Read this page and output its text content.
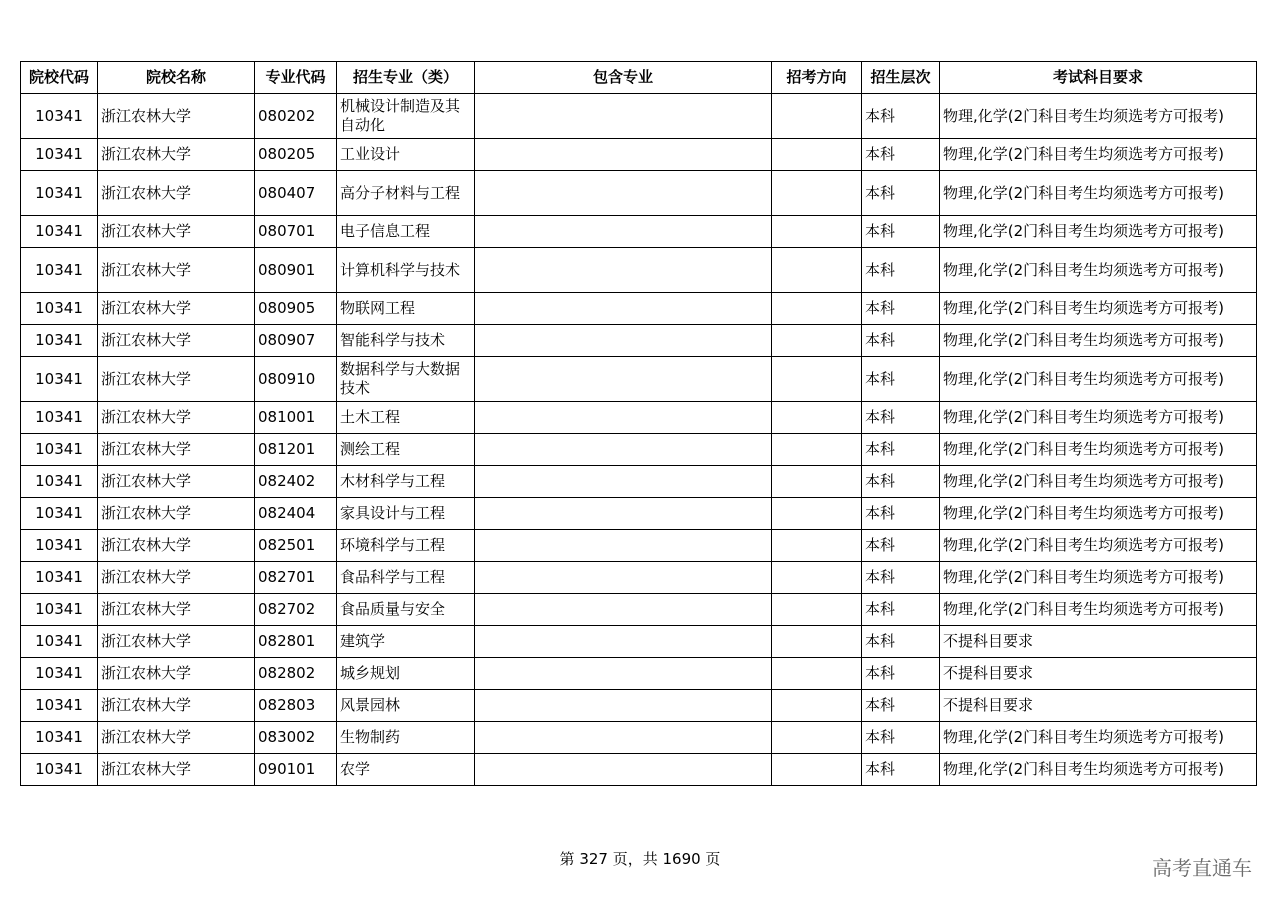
院校代码	院校名称	专业代码	招生专业（类）	包含专业	招考方向	招生层次	考试科目要求
10341	浙江农林大学	080202	机械设计制造及其自动化			本科	物理,化学(2门科目考生均须选考方可报考)
10341	浙江农林大学	080205	工业设计			本科	物理,化学(2门科目考生均须选考方可报考)
10341	浙江农林大学	080407	高分子材料与工程			本科	物理,化学(2门科目考生均须选考方可报考)
10341	浙江农林大学	080701	电子信息工程			本科	物理,化学(2门科目考生均须选考方可报考)
10341	浙江农林大学	080901	计算机科学与技术			本科	物理,化学(2门科目考生均须选考方可报考)
10341	浙江农林大学	080905	物联网工程			本科	物理,化学(2门科目考生均须选考方可报考)
10341	浙江农林大学	080907	智能科学与技术			本科	物理,化学(2门科目考生均须选考方可报考)
10341	浙江农林大学	080910	数据科学与大数据技术			本科	物理,化学(2门科目考生均须选考方可报考)
10341	浙江农林大学	081001	土木工程			本科	物理,化学(2门科目考生均须选考方可报考)
10341	浙江农林大学	081201	测绘工程			本科	物理,化学(2门科目考生均须选考方可报考)
10341	浙江农林大学	082402	木材科学与工程			本科	物理,化学(2门科目考生均须选考方可报考)
10341	浙江农林大学	082404	家具设计与工程			本科	物理,化学(2门科目考生均须选考方可报考)
10341	浙江农林大学	082501	环境科学与工程			本科	物理,化学(2门科目考生均须选考方可报考)
10341	浙江农林大学	082701	食品科学与工程			本科	物理,化学(2门科目考生均须选考方可报考)
10341	浙江农林大学	082702	食品质量与安全			本科	物理,化学(2门科目考生均须选考方可报考)
10341	浙江农林大学	082801	建筑学			本科	不提科目要求
10341	浙江农林大学	082802	城乡规划			本科	不提科目要求
10341	浙江农林大学	082803	风景园林			本科	不提科目要求
10341	浙江农林大学	083002	生物制药			本科	物理,化学(2门科目考生均须选考方可报考)
10341	浙江农林大学	090101	农学			本科	物理,化学(2门科目考生均须选考方可报考)
第 327 页，共 1690 页	高考直通车
